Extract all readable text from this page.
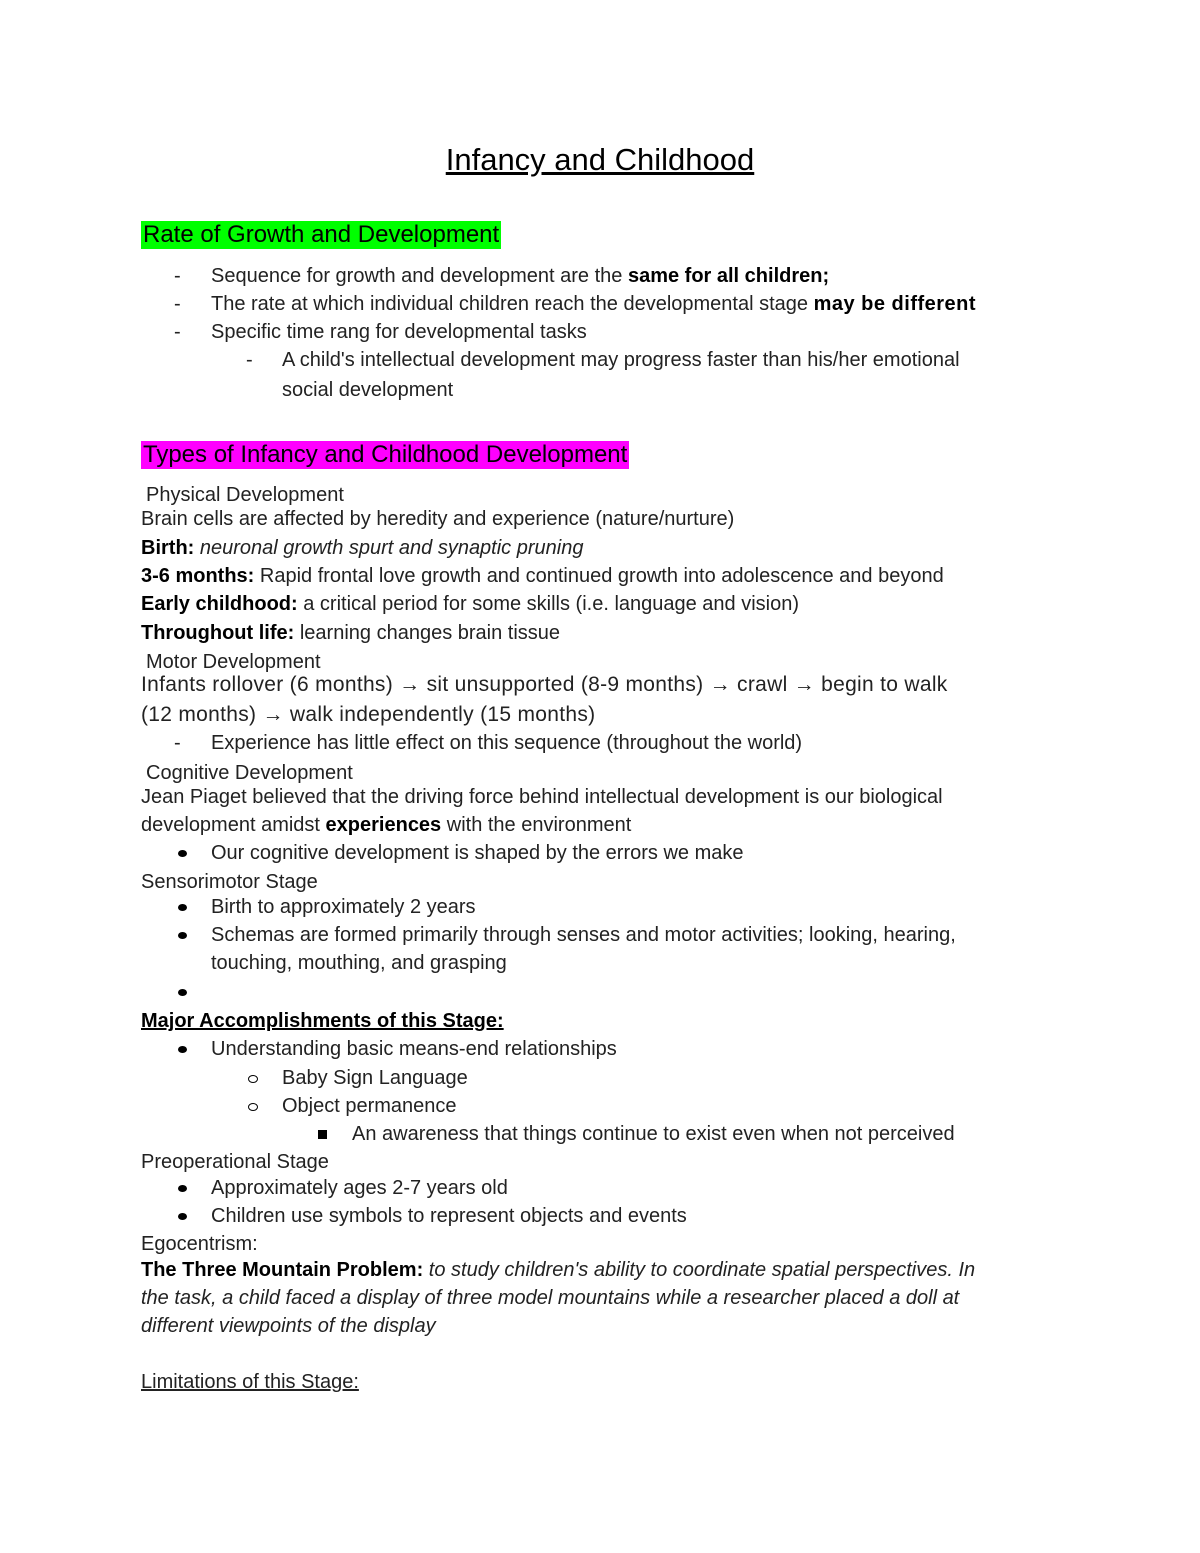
Infancy and Childhood
Rate of Growth and Development
- Sequence for growth and development are the same for all children;
- The rate at which individual children reach the developmental stage may be different
- Specific time rang for developmental tasks
- A child's intellectual development may progress faster than his/her emotional
social development
Types of Infancy and Childhood Development
Physical Development
Brain cells are affected by heredity and experience (nature/nurture)
Birth: neuronal growth spurt and synaptic pruning
3-6 months: Rapid frontal love growth and continued growth into adolescence and beyond
Early childhood: a critical period for some skills (i.e. language and vision)
Throughout life: learning changes brain tissue
Motor Development
Infants rollover (6 months) → sit unsupported (8-9 months) → crawl → begin to walk
(12 months) → walk independently (15 months)
- Experience has little effect on this sequence (throughout the world)
Cognitive Development
Jean Piaget believed that the driving force behind intellectual development is our biological
development amidst experiences with the environment
Our cognitive development is shaped by the errors we make
Sensorimotor Stage
Birth to approximately 2 years
Schemas are formed primarily through senses and motor activities; looking, hearing,
touching, mouthing, and grasping
Major Accomplishments of this Stage:
Understanding basic means-end relationships
Baby Sign Language
Object permanence
An awareness that things continue to exist even when not perceived
Preoperational Stage
Approximately ages 2-7 years old
Children use symbols to represent objects and events
Egocentrism:
The Three Mountain Problem: to study children's ability to coordinate spatial perspectives. In
the task, a child faced a display of three model mountains while a researcher placed a doll at
different viewpoints of the display
Limitations of this Stage:
